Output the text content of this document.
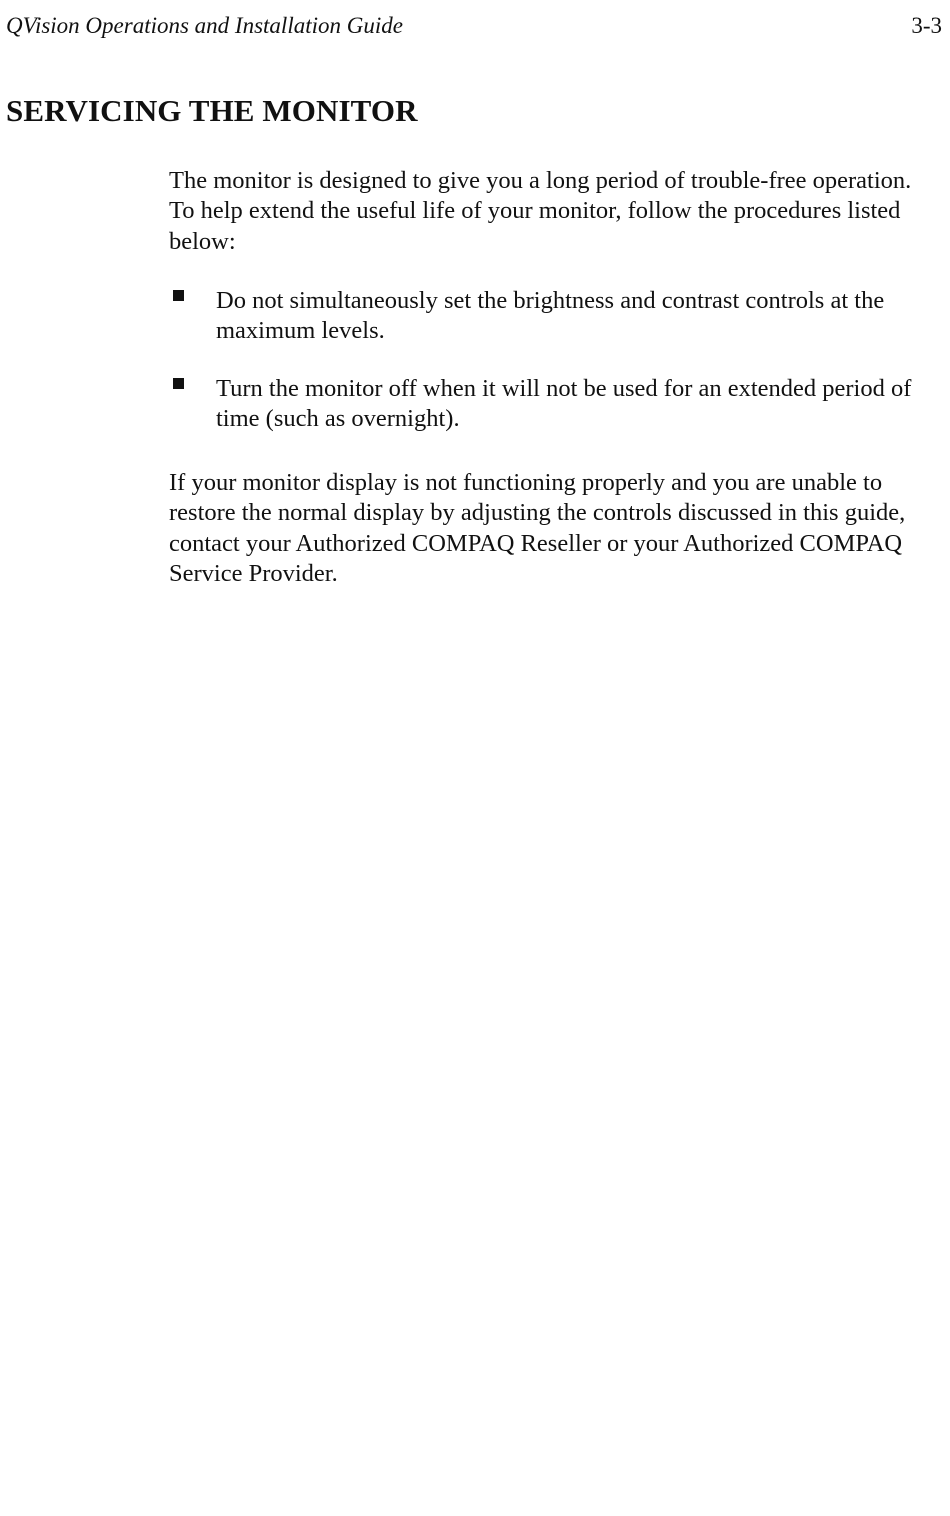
QVision Operations and Installation Guide	3-3
SERVICING THE MONITOR

The monitor is designed to give you a long period of trouble-free operation. To help extend the useful life of your monitor, follow the procedures listed below:

Do not simultaneously set the brightness and contrast controls at the maximum levels.
Turn the monitor off when it will not be used for an extended period of time (such as overnight).

If your monitor display is not functioning properly and you are unable to restore the normal display by adjusting the controls discussed in this guide, contact your Authorized COMPAQ Reseller or your Authorized COMPAQ Service Provider.
